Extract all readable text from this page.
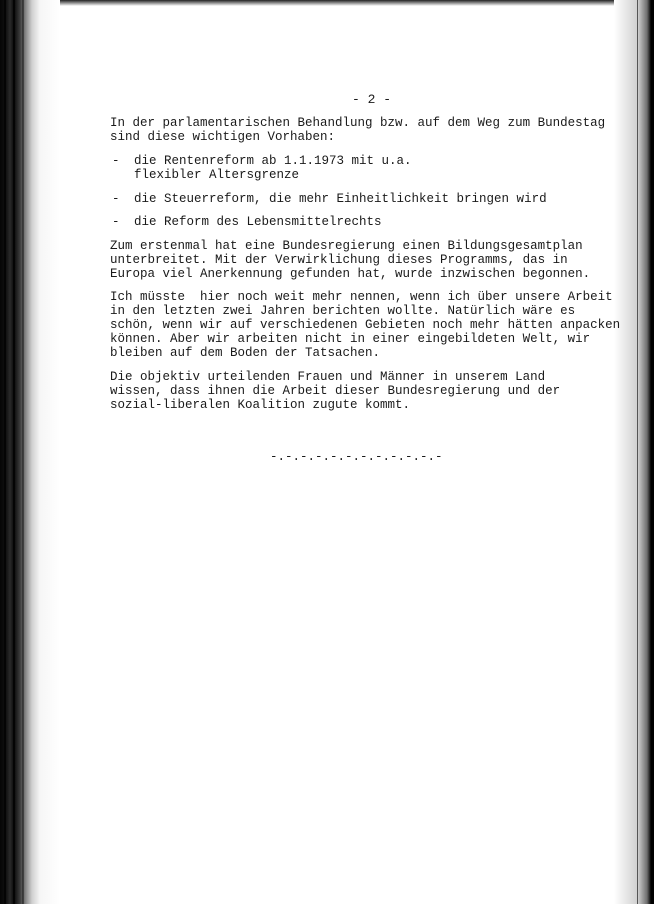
- 2 -
In der parlamentarischen Behandlung bzw. auf dem Weg zum Bundestag
sind diese wichtigen Vorhaben:
- die Rentenreform ab 1.1.1973 mit u.a.
flexibler Altersgrenze
- die Steuerreform, die mehr Einheitlichkeit bringen wird
- die Reform des Lebensmittelrechts
Zum erstenmal hat eine Bundesregierung einen Bildungsgesamtplan
unterbreitet. Mit der Verwirklichung dieses Programms, das in
Europa viel Anerkennung gefunden hat, wurde inzwischen begonnen.
Ich müsste  hier noch weit mehr nennen, wenn ich über unsere Arbeit
in den letzten zwei Jahren berichten wollte. Natürlich wäre es
schön, wenn wir auf verschiedenen Gebieten noch mehr hätten anpacken
können. Aber wir arbeiten nicht in einer eingebildeten Welt, wir
bleiben auf dem Boden der Tatsachen.
Die objektiv urteilenden Frauen und Männer in unserem Land
wissen, dass ihnen die Arbeit dieser Bundesregierung und der
sozial-liberalen Koalition zugute kommt.
-.-.-.-.-.-.-.-.-.-.-.-
